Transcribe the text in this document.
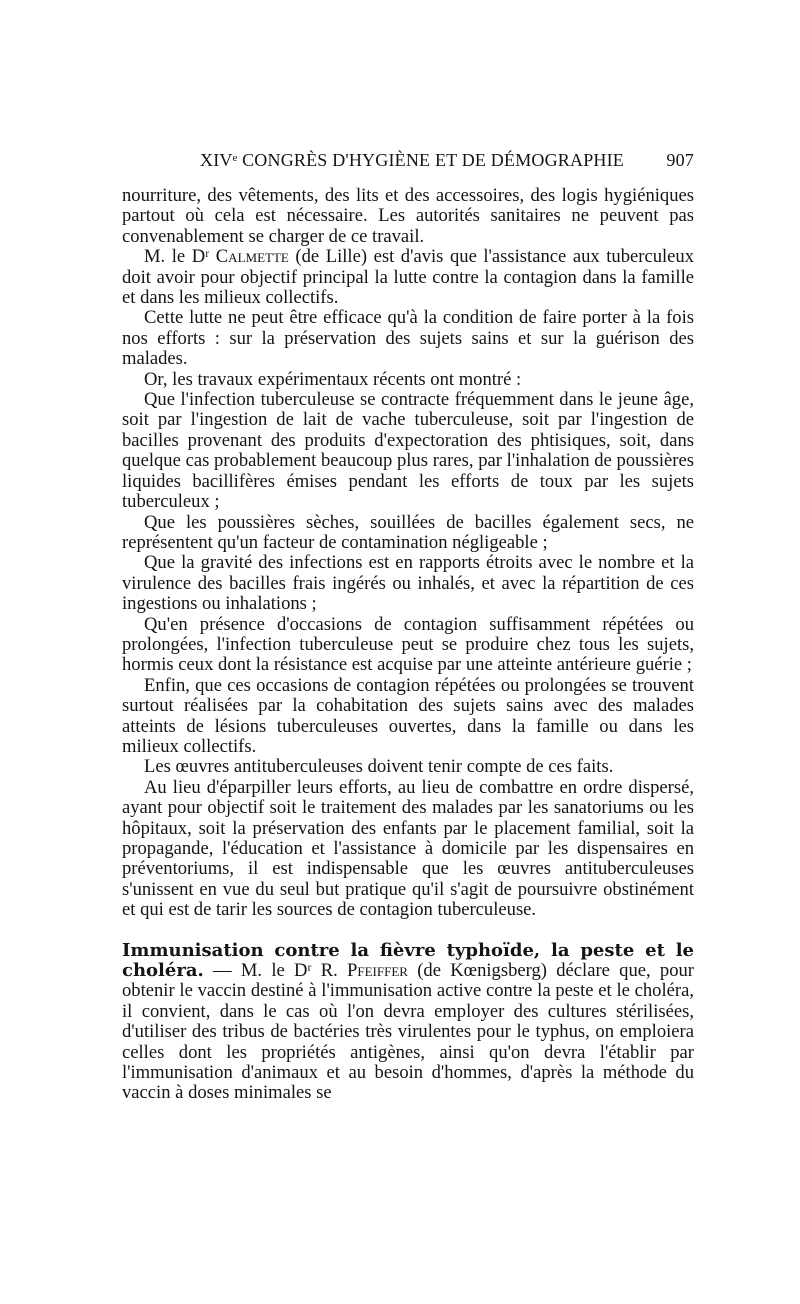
XIVᵉ CONGRÈS D'HYGIÈNE ET DE DÉMOGRAPHIE 907

nourriture, des vêtements, des lits et des accessoires, des logis hygiéniques partout où cela est nécessaire. Les autorités sanitaires ne peuvent pas convenablement se charger de ce travail.

M. le Dʳ Calmette (de Lille) est d'avis que l'assistance aux tuberculeux doit avoir pour objectif principal la lutte contre la contagion dans la famille et dans les milieux collectifs.

Cette lutte ne peut être efficace qu'à la condition de faire porter à la fois nos efforts : sur la préservation des sujets sains et sur la guérison des malades.

Or, les travaux expérimentaux récents ont montré :

Que l'infection tuberculeuse se contracte fréquemment dans le jeune âge, soit par l'ingestion de lait de vache tuberculeuse, soit par l'ingestion de bacilles provenant des produits d'expectoration des phtisiques, soit, dans quelque cas probablement beaucoup plus rares, par l'inhalation de poussières liquides bacillifères émises pendant les efforts de toux par les sujets tuberculeux ;

Que les poussières sèches, souillées de bacilles également secs, ne représentent qu'un facteur de contamination négligeable ;

Que la gravité des infections est en rapports étroits avec le nombre et la virulence des bacilles frais ingérés ou inhalés, et avec la répartition de ces ingestions ou inhalations ;

Qu'en présence d'occasions de contagion suffisamment répétées ou prolongées, l'infection tuberculeuse peut se produire chez tous les sujets, hormis ceux dont la résistance est acquise par une atteinte antérieure guérie ;

Enfin, que ces occasions de contagion répétées ou prolongées se trouvent surtout réalisées par la cohabitation des sujets sains avec des malades atteints de lésions tuberculeuses ouvertes, dans la famille ou dans les milieux collectifs.

Les œuvres antituberculeuses doivent tenir compte de ces faits.

Au lieu d'éparpiller leurs efforts, au lieu de combattre en ordre dispersé, ayant pour objectif soit le traitement des malades par les sanatoriums ou les hôpitaux, soit la préservation des enfants par le placement familial, soit la propagande, l'éducation et l'assistance à domicile par les dispensaires en préventoriums, il est indispensable que les œuvres antituberculeuses s'unissent en vue du seul but pratique qu'il s'agit de poursuivre obstinément et qui est de tarir les sources de contagion tuberculeuse.

Immunisation contre la fièvre typhoïde, la peste et le choléra. — M. le Dʳ R. Pfeiffer (de Kœnigsberg) déclare que, pour obtenir le vaccin destiné à l'immunisation active contre la peste et le choléra, il convient, dans le cas où l'on devra employer des cultures stérilisées, d'utiliser des tribus de bactéries très virulentes pour le typhus, on emploiera celles dont les propriétés antigènes, ainsi qu'on devra l'établir par l'immunisation d'animaux et au besoin d'hommes, d'après la méthode du vaccin à doses minimales se
